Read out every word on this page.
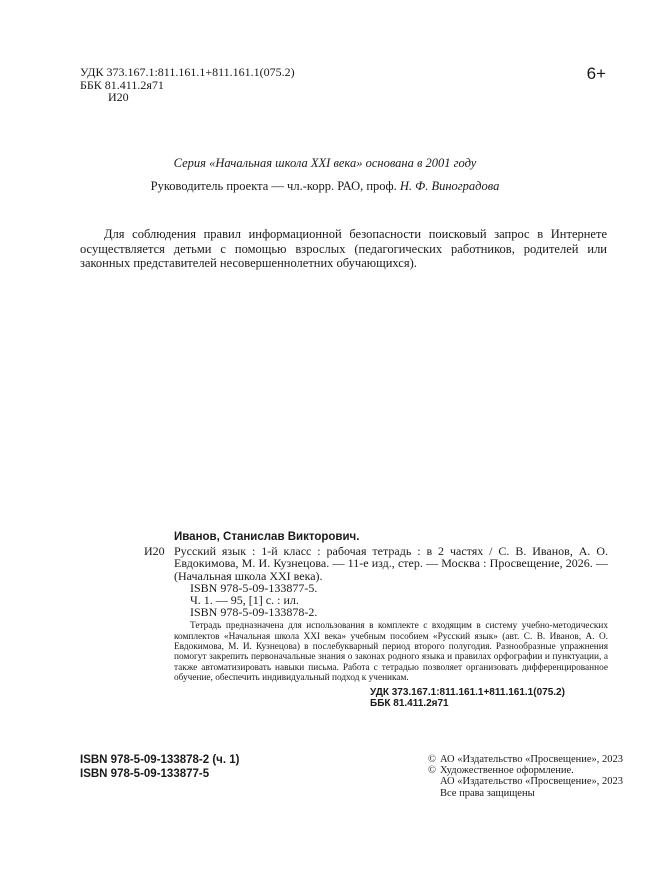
УДК 373.167.1:811.161.1+811.161.1(075.2)
ББК 81.411.2я71
И20
6+
Серия «Начальная школа XXI века» основана в 2001 году
Руководитель проекта — чл.-корр. РАО, проф. Н. Ф. Виноградова
Для соблюдения правил информационной безопасности поисковый запрос в Интернете осуществляется детьми с помощью взрослых (педагогических работников, родителей или законных представителей несовершеннолетних обучающихся).
Иванов, Станислав Викторович.
И20 Русский язык : 1-й класс : рабочая тетрадь : в 2 частях / С. В. Иванов, А. О. Евдокимова, М. И. Кузнецова. — 11-е изд., стер. — Москва : Просвещение, 2026. — (Начальная школа XXI века).
ISBN 978-5-09-133877-5.
Ч. 1. — 95, [1] с. : ил.
ISBN 978-5-09-133878-2.
Тетрадь предназначена для использования в комплекте с входящим в систему учебно-методических комплектов «Начальная школа XXI века» учебным пособием «Русский язык» (авт. С. В. Иванов, А. О. Евдокимова, М. И. Кузнецова) в послебукварный период второго полугодия. Разнообразные упражнения помогут закрепить первоначальные знания о законах родного языка и правилах орфографии и пунктуации, а также автоматизировать навыки письма. Работа с тетрадью позволяет организовать дифференцированное обучение, обеспечить индивидуальный подход к ученикам.
УДК 373.167.1:811.161.1+811.161.1(075.2)
ББК 81.411.2я71
ISBN 978-5-09-133878-2 (ч. 1)
ISBN 978-5-09-133877-5
© АО «Издательство «Просвещение», 2023
© Художественное оформление.
АО «Издательство «Просвещение», 2023
Все права защищены
